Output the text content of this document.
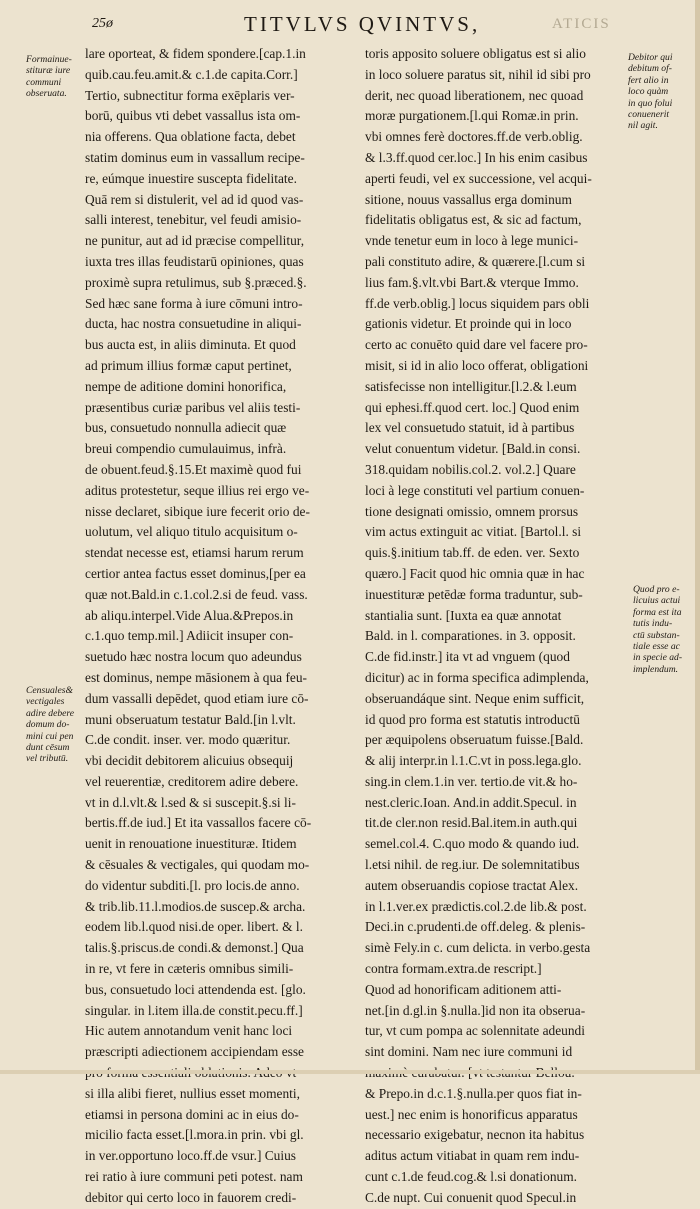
25ø	TITVLVS QVINTVS,	ATICIS
Formainue-
stituræ iure
communi
obseruata.
Censuales&
vectigales
adire debere
domum do-
mini cui pen
dunt cēsum
vel tributū.
Debitor qui
debitum of-
fert alio in
loco quàm
in quo folui
conuenerit
nil agit.
Quod pro e-
licuius actui
forma est ita
tutis indu-
ctū substan-
tiale esse ac
in specie ad-
implendum.
lare oporteat, & fidem spondere.[cap.1.in
quib.cau.feu.amit.& c.1.de capita.Corr.]
Tertio, subnectitur forma exēplaris ver-
borū, quibus vti debet vassallus ista om-
nia offerens. Qua oblatione facta, debet
statim dominus eum in vassallum recipe-
re, eúmque inuestire suscepta fidelitate.
Quā rem si distulerit, vel ad id quod vas-
salli interest, tenebitur, vel feudi amisio-
ne punitur, aut ad id præcise compellitur,
iuxta tres illas feudistarū opiniones, quas
proximè supra retulimus, sub §.præced.§.
Sed hæc sane forma à iure cōmuni intro-
ducta, hac nostra consuetudine in aliqui-
bus aucta est, in aliis diminuta. Et quod
ad primum illius formæ caput pertinet,
nempe de aditione domini honorifica,
præsentibus curiæ paribus vel aliis testi-
bus, consuetudo nonnulla adiecit quæ
breui compendio cumulauimus, infrà.
de obuent.feud.§.15.Et maximè quod fui
aditus protestetur, seque illius rei ergo ve-
nisse declaret, sibique iure fecerit orio de-
uolutum, vel aliquo titulo acquisitum o-
stendat necesse est, etiamsi harum rerum
certior antea factus esset dominus,[per ea
quæ not.Bald.in c.1.col.2.si de feud. vass.
ab aliqu.interpel.Vide Alua.&Prepos.in
c.1.quo temp.mil.] Adiicit insuper con-
suetudo hæc nostra locum quo adeundus
est dominus, nempe māsionem à qua feu-
dum vassalli depēdet, quod etiam iure cō-
muni obseruatum testatur Bald.[in l.vlt.
C.de condit. inser. ver. modo quæritur.
vbi decidit debitorem alicuius obsequij
vel reuerentiæ, creditorem adire debere.
vt in d.l.vlt.& l.sed & si suscepit.§.si li-
bertis.ff.de iud.] Et ita vassallos facere cō-
uenit in renouatione inuestituræ. Itidem
& cēsuales & vectigales, qui quodam mo-
do videntur subditi.[l. pro locis.de anno.
& trib.lib.11.l.modios.de suscep.& archa.
eodem lib.l.quod nisi.de oper. libert. & l.
talis.§.priscus.de condi.& demonst.] Qua
in re, vt fere in cæteris omnibus simili-
bus, consuetudo loci attendenda est. [glo.
singular. in l.item illa.de constit.pecu.ff.]
Hic autem annotandum venit hanc loci
præscripti adiectionem accipiendam esse
si illa alibi fieret, nullius esset momenti,
etiamsi in persona domini ac in eius do-
micilio facta esset.[l.mora.in prin. vbi gl.
in ver.opportuno loco.ff.de vsur.] Cuius
rei ratio à iure communi peti potest. nam
debitor qui certo loco in fauorem credi-
toris apposito soluere obligatus est si alio
in loco soluere paratus sit, nihil id sibi pro
derit, nec quoad liberationem, nec quoad
moræ purgationem.[l.qui Romæ.in prin.
vbi omnes ferè doctores.ff.de verb.oblig.
& l.3.ff.quod cer.loc.] In his enim casibus
aperti feudi, vel ex successione, vel acqui-
sitione, nouus vassallus erga dominum
fidelitatis obligatus est, & sic ad factum,
vnde tenetur eum in loco à lege munici-
pali constituto adire, & quærere.[l.cum si
lius fam.§.vlt.vbi Bart.& vterque Immo.
ff.de verb.oblig.] locus siquidem pars obli
gationis videtur. Et proinde qui in loco
certo ac conuēto quid dare vel facere pro-
misit, si id in alio loco offerat, obligationi
satisfecisse non intelligitur.[l.2.& l.eum
qui ephesi.ff.quod cert. loc.] Quod enim
lex vel consuetudo statuit, id à partibus
velut conuentum videtur. [Bald.in consi.
318.quidam nobilis.col.2. vol.2.] Quare
loci à lege constituti vel partium conuen-
tione designati omissio, omnem prorsus
vim actus extinguit ac vitiat. [Bartol.l. si
quis.§.initium tab.ff. de eden. ver. Sexto
quæro.] Facit quod hic omnia quæ in hac
inuestituræ petēdæ forma traduntur, sub-
stantialia sunt. [Iuxta ea quæ annotat
Bald. in l. comparationes. in 3. opposit.
C.de fid.instr.] ita vt ad vnguem (quod
dicitur) ac in forma specifica adimplenda,
obseruandáque sint. Neque enim sufficit,
id quod pro forma est statutis introductū
per æquipolens obseruatum fuisse.[Bald.
& alij interpr.in l.1.C.vt in poss.lega.glo.
sing.in clem.1.in ver. tertio.de vit.& ho-
nest.cleric.Ioan. And.in addit.Specul. in
tit.de cler.non resid.Bal.item.in auth.qui
semel.col.4. C.quo modo & quando iud.
l.etsi nihil. de reg.iur. De solemnitatibus
autem obseruandis copiose tractat Alex.
in l.1.ver.ex prædictis.col.2.de lib.& post.
Deci.in c.prudenti.de off.deleg. & plenis-
simè Fely.in c. cum delicta. in verbo.gesta
contra formam.extra.de rescript.]
Quod ad honorificam aditionem atti-
net.[in d.gl.in §.nulla.]id non ita obserua-
tur, vt cum pompa ac solennitate adeundi
sint domini. Nam nec iure communi id
& Prepo.in d.c.1.§.nulla.per quos fiat in-
uest.] nec enim is honorificus apparatus
necessario exigebatur, necnon ita habitus
aditus actum vitiabat in quam rem indu-
cunt c.1.de feud.cog.& l.si donationum.
C.de nupt. Cui conuenit quod Specul.in
